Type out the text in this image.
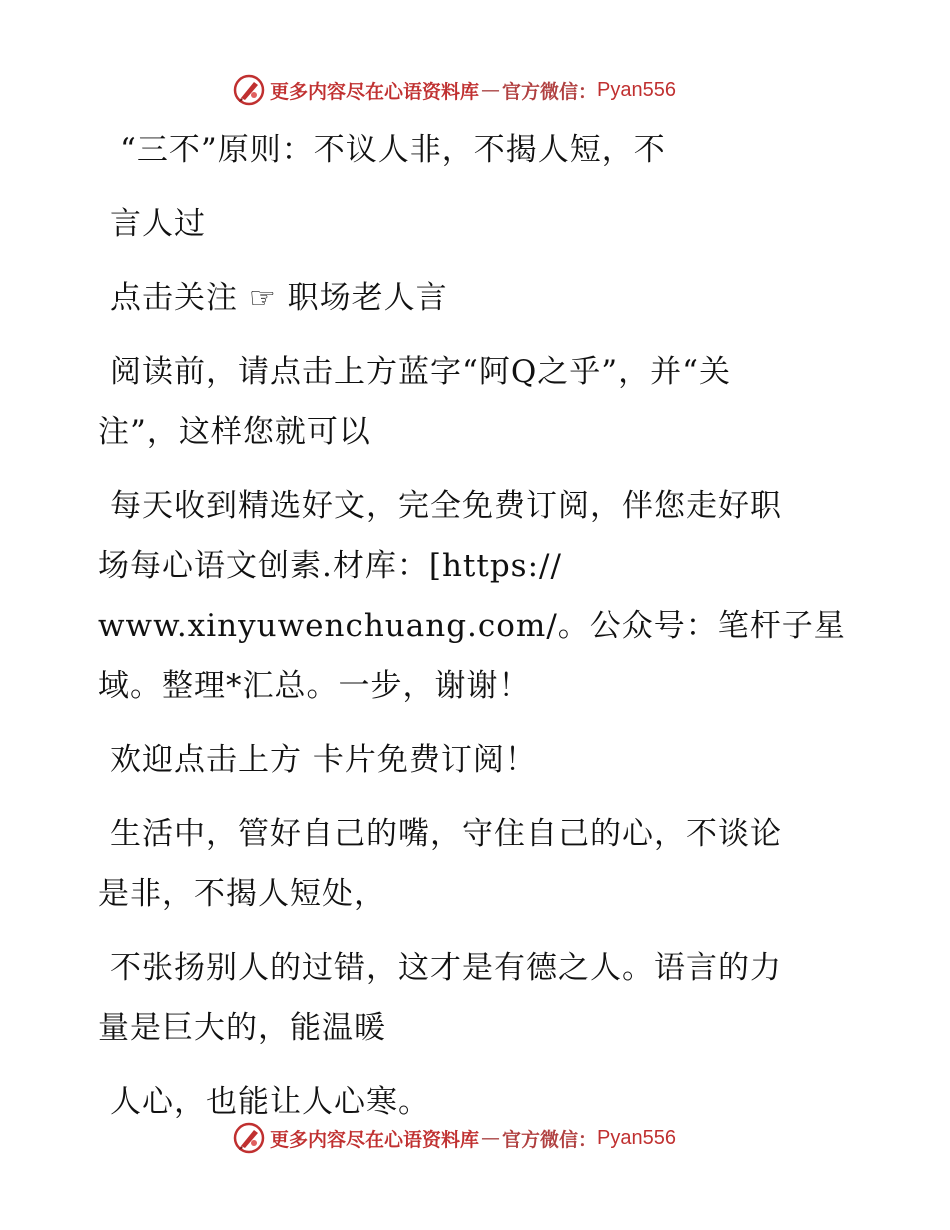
更多内容尽在心语资料库 — 官方微信： Pyan556
“三不”原则：不议人非，不揭人短，不
言人过
点击关注 ☞ 职场老人言
阅读前，请点击上方蓝字“阿Q之乎”，并“关
注”，这样您就可以
每天收到精选好文，完全免费订阅，伴您走好职
场每心语文创素.材库：[https://
www.xinyuwenchuang.com/。公众号：笔杆子星
域。整理*汇总。一步，谢谢！
欢迎点击上方 卡片免费订阅！
生活中，管好自己的嘴，守住自己的心，不谈论
是非，不揭人短处，
不张扬别人的过错，这才是有德之人。语言的力
量是巨大的，能温暖
人心，也能让人心寒。
更多内容尽在心语资料库 — 官方微信： Pyan556
